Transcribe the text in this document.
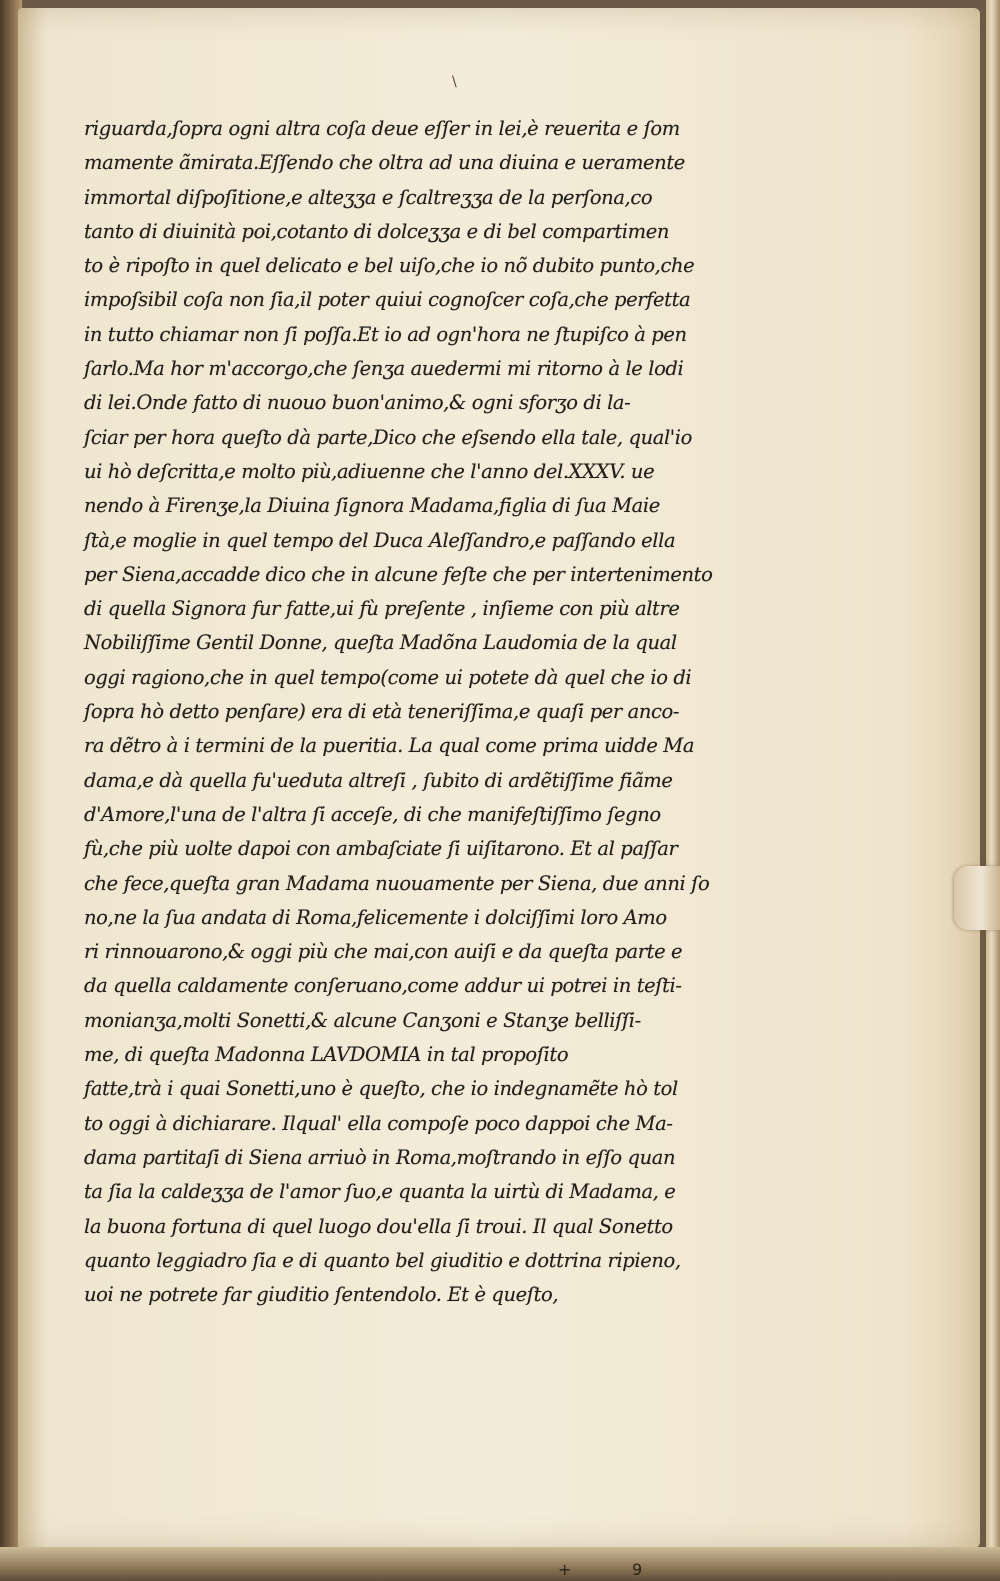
+	9
\
riguarda,ſopra ogni altra coſa deue eſſer in lei,è reuerita e ſom
mamente ãmirata.Eſſendo che oltra ad una diuina e ueramente
immortal diſpoſitione,e alteʒʒa e ſcaltreʒʒa de la perſona,co
tanto di diuinità poi,cotanto di dolceʒʒa e di bel compartimen
to è ripoſto in quel delicato e bel uiſo,che io nõ dubito punto,che
impoſsibil coſa non ſia,il poter quiui cognoſcer coſa,che perfetta
in tutto chiamar non ſi poſſa.Et io ad ogn'hora ne ſtupiſco à pen
ſarlo.Ma hor m'accorgo,che ſenʒa auedermi mi ritorno à le lodi
di lei.Onde fatto di nuouo buon'animo,& ogni sforʒo di la-
ſciar per hora queſto dà parte,Dico che eſsendo ella tale, qual'io
ui hò deſcritta,e molto più,adiuenne che l'anno del.XXXV. ue
nendo à Firenʒe,la Diuina ſignora Madama,figlia di ſua Maie
ſtà,e moglie in quel tempo del Duca Aleſſandro,e paſſando ella
per Siena,accadde dico che in alcune feſte che per intertenimento
di quella Signora fur fatte,ui fù preſente , inſieme con più altre
Nobiliſſime Gentil Donne, queſta Madõna Laudomia de la qual
oggi ragiono,che in quel tempo(come ui potete dà quel che io di
ſopra hò detto penſare) era di età teneriſſima,e quaſi per anco-
ra dẽtro à i termini de la pueritia. La qual come prima uidde Ma
dama,e dà quella fu'ueduta altreſi , ſubito di ardẽtiſſime fiãme
d'Amore,l'una de l'altra ſi acceſe, di che manifeſtiſſimo ſegno
fù,che più uolte dapoi con ambaſciate ſi uiſitarono. Et al paſſar
che fece,queſta gran Madama nuouamente per Siena, due anni ſo
no,ne la ſua andata di Roma,felicemente i dolciſſimi loro Amo
ri rinnouarono,& oggi più che mai,con auiſi e da queſta parte e
da quella caldamente conſeruano,come addur ui potrei in teſti-
monianʒa,molti Sonetti,& alcune Canʒoni e Stanʒe belliſſi-
me, di queſta Madonna LAVDOMIA in tal propoſito
fatte,trà i quai Sonetti,uno è queſto, che io indegnamẽte hò tol
to oggi à dichiarare. Ilqual' ella compoſe poco dappoi che Ma-
dama partitaſi di Siena arriuò in Roma,moſtrando in eſſo quan
ta ſia la caldeʒʒa de l'amor ſuo,e quanta la uirtù di Madama, e
la buona fortuna di quel luogo dou'ella ſi troui. Il qual Sonetto
quanto leggiadro ſia e di quanto bel giuditio e dottrina ripieno,
uoi ne potrete far giuditio ſentendolo. Et è queſto,
